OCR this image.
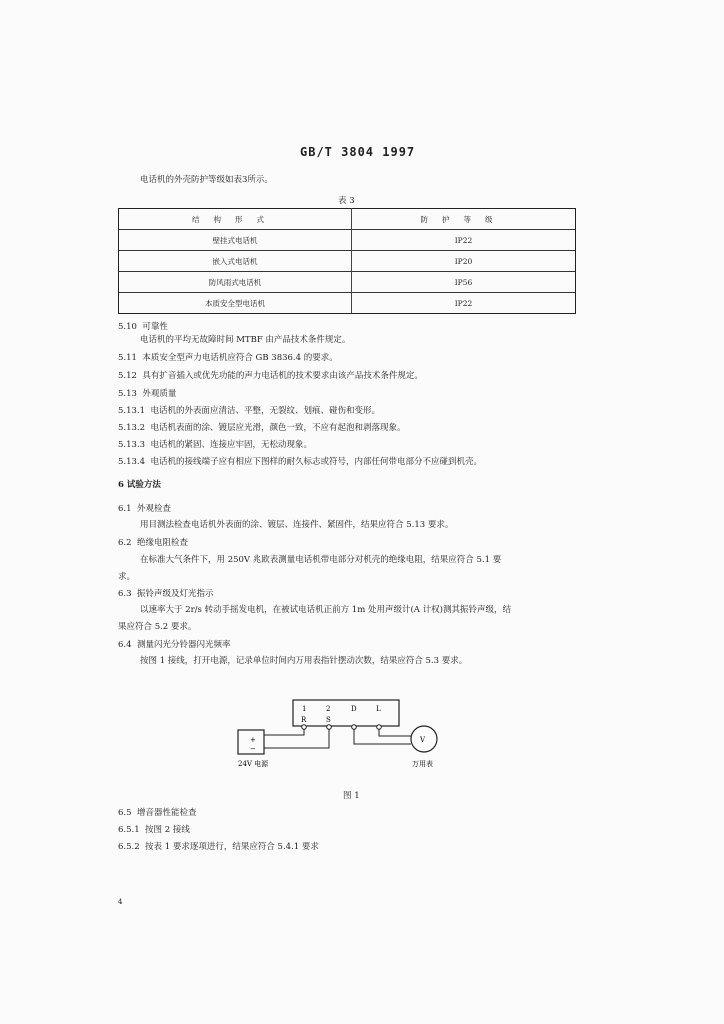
GB/T 3804 1997
电话机的外壳防护等级如表3所示。
表 3
结构形式	防护等级
壁挂式电话机	IP22
嵌入式电话机	IP20
防风雨式电话机	IP56
本质安全型电话机	IP22
5.10 可靠性
电话机的平均无故障时间 MTBF 由产品技术条件规定。
5.11 本质安全型声力电话机应符合 GB 3836.4 的要求。
5.12 具有扩音插入或优先功能的声力电话机的技术要求由该产品技术条件规定。
5.13 外观质量
5.13.1 电话机的外表面应清洁、平整，无裂纹、划痕、碰伤和变形。
5.13.2 电话机表面的涂、镀层应光滑，颜色一致，不应有起泡和剥落现象。
5.13.3 电话机的紧固、连接应牢固，无松动现象。
5.13.4 电话机的接线端子应有相应下图样的耐久标志或符号，内部任何带电部分不应碰到机壳。
6 试验方法
6.1 外观检查
用目测法检查电话机外表面的涂、镀层、连接件、紧固件，结果应符合 5.13 要求。
6.2 绝缘电阻检查
在标准大气条件下，用 250V 兆欧表测量电话机带电部分对机壳的绝缘电阻，结果应符合 5.1 要
求。
6.3 振铃声级及灯光指示
以速率大于 2r/s 转动手摇发电机，在被试电话机正前方 1m 处用声级计(A 计权)测其振铃声级，结
果应符合 5.2 要求。
6.4 测量闪光分铃器闪光频率
按图 1 接线，打开电源，记录单位时间内万用表指针摆动次数，结果应符合 5.3 要求。
1	2	D	L
R	S
+
−
V
24V 电源	万用表
图 1
6.5 增音器性能检查
6.5.1 按图 2 接线
6.5.2 按表 1 要求逐项进行，结果应符合 5.4.1 要求
4
